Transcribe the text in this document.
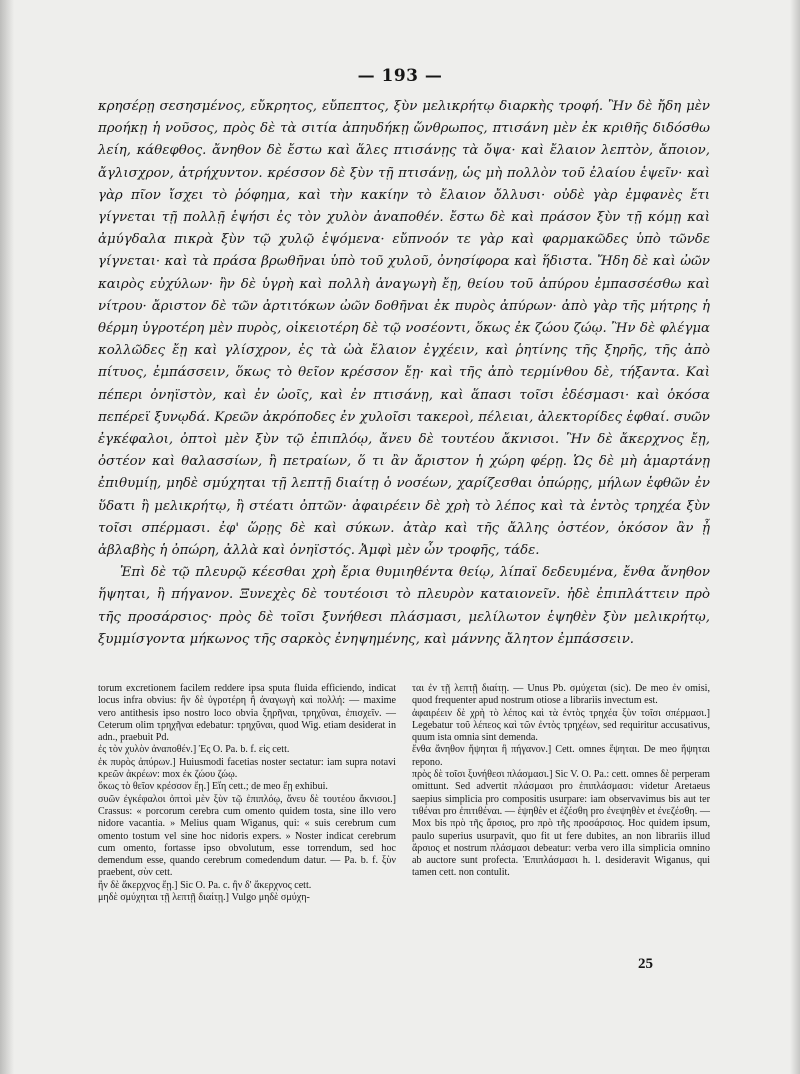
— 193 —

κρησέρῃ σεσησμένος, εὔκρητος, εὔπεπτος, ξὺν μελικρήτῳ διαρκὴς τροφή. Ἢν δὲ ἤδη μὲν προήκῃ ἡ νοῦσος, πρὸς δὲ τὰ σιτία ἀπηυδήκῃ ὥνθρωπος, πτισάνη μὲν ἐκ κριθῆς διδόσθω λείη, κάθεφθος. ἄνηθον δὲ ἔστω καὶ ἅλες πτισάνῃς τὰ ὄψα· καὶ ἔλαιον λεπτὸν, ἄποιον, ἄγλισχρον, ἀτρήχυντον. κρέσσον δὲ ξὺν τῇ πτισάνῃ, ὡς μὴ πολλὸν τοῦ ἐλαίου ἑψεῖν· καὶ γὰρ πῖον ἴσχει τὸ ῥόφημα, καὶ τὴν κακίην τὸ ἔλαιον ὄλλυσι· οὐδὲ γὰρ ἐμφανὲς ἔτι γίγνεται τῇ πολλῇ ἑψήσι ἐς τὸν χυλὸν ἀναποθέν. ἔστω δὲ καὶ πράσον ξὺν τῇ κόμῃ καὶ ἀμύγδαλα πικρὰ ξὺν τῷ χυλῷ ἑψόμενα· εὔπνοόν τε γὰρ καὶ φαρμακῶδες ὑπὸ τῶνδε γίγνεται· καὶ τὰ πράσα βρωθῆναι ὑπὸ τοῦ χυλοῦ, ὀνησίφορα καὶ ἥδιστα. Ἤδη δὲ καὶ ὠῶν καιρὸς εὐχύλων· ἢν δὲ ὑγρὴ καὶ πολλὴ ἀναγωγὴ ἔῃ, θείου τοῦ ἀπύρου ἐμπασσέσθω καὶ νίτρου· ἄριστον δὲ τῶν ἀρτιτόκων ὠῶν δοθῆναι ἐκ πυρὸς ἀπύρων· ἀπὸ γὰρ τῆς μήτρης ἡ θέρμη ὑγροτέρη μὲν πυρὸς, οἰκειοτέρη δὲ τῷ νοσέοντι, ὅκως ἐκ ζώου ζώῳ. Ἢν δὲ φλέγμα κολλῶδες ἔῃ καὶ γλίσχρον, ἐς τὰ ὠὰ ἔλαιον ἐγχέειν, καὶ ῥητίνης τῆς ξηρῆς, τῆς ἀπὸ πίτυος, ἐμπάσσειν, ὅκως τὸ θεῖον κρέσσον ἔῃ· καὶ τῆς ἀπὸ τερμίνθου δὲ, τήξαντα. Καὶ πέπερι ὀνηϊστὸν, καὶ ἐν ὠοῖς, καὶ ἐν πτισάνῃ, καὶ ἅπασι τοῖσι ἐδέσμασι· καὶ ὁκόσα πεπέρεϊ ξυνῳδά. Κρεῶν ἀκρόποδες ἐν χυλοῖσι τακεροὶ, πέλειαι, ἀλεκτορίδες ἑφθαί. συῶν ἐγκέφαλοι, ὀπτοὶ μὲν ξὺν τῷ ἐπιπλόῳ, ἄνευ δὲ τουτέου ἄκνισοι. Ἢν δὲ ἄκερχνος ἔῃ, ὀστέον καὶ θαλασσίων, ἢ πετραίων, ὅ τι ἂν ἄριστον ἡ χώρη φέρῃ. Ὡς δὲ μὴ ἁμαρτάνῃ ἐπιθυμίῃ, μηδὲ σμύχηται τῇ λεπτῇ διαίτῃ ὁ νοσέων, χαρίζεσθαι ὀπώρῃς, μήλων ἑφθῶν ἐν ὕδατι ἢ μελικρήτῳ, ἢ στέατι ὀπτῶν· ἀφαιρέειν δὲ χρὴ τὸ λέπος καὶ τὰ ἐντὸς τρηχέα ξὺν τοῖσι σπέρμασι. ἐφ' ὥρῃς δὲ καὶ σύκων. ἀτὰρ καὶ τῆς ἄλλης ὀστέον, ὁκόσον ἂν ᾖ ἀβλαβὴς ἡ ὀπώρη, ἀλλὰ καὶ ὀνηϊστός. Ἀμφὶ μὲν ὦν τροφῆς, τάδε.

Ἐπὶ δὲ τῷ πλευρῷ κέεσθαι χρὴ ἔρια θυμιηθέντα θείῳ, λίπαϊ δεδευμένα, ἔνθα ἄνηθον ἥψηται, ἢ πήγανον. Ξυνεχὲς δὲ τουτέοισι τὸ πλευρὸν καταιονεῖν. ἠδὲ ἐπιπλάττειν πρὸ τῆς προσάρσιος· πρὸς δὲ τοῖσι ξυνήθεσι πλάσμασι, μελίλωτον ἑψηθὲν ξὺν μελικρήτῳ, ξυμμίσγοντα μήκωνος τῆς σαρκὸς ἐνηψημένης, καὶ μάννης ἄλητον ἐμπάσσειν.

torum excretionem facilem reddere ipsa sputa fluida efficiendo, indicat locus infra obvius: ἢν δὲ ὑγροτέρη ἢ ἀναγωγὴ καὶ πολλή: — maxime vero antithesis ipso nostro loco obvia ξηρῆναι, τρηχῦναι, ἐπισχεῖν. — Ceterum olim τρηχῆναι edebatur: τρηχῦναι, quod Wig. etiam desiderat in adn., praebuit Pd.

ἐς τὸν χυλὸν ἀναποθέν.] Ἐς O. Pa. b. f. εἰς cett.

ἐκ πυρὸς ἀπύρων.] Huiusmodi facetias noster sectatur: iam supra notavi κρεῶν ἀκρέων: mox ἐκ ζώου ζώῳ.

ὅκως τὸ θεῖον κρέσσον ἔῃ.] Εἴη cett.; de meo ἔῃ exhibui.

συῶν ἐγκέφαλοι ὀπτοὶ μὲν ξὺν τῷ ἐπιπλόῳ, ἄνευ δὲ τουτέου ἄκνισοι.] Crassus: « porcorum cerebra cum omento quidem tosta, sine illo vero nidore vacantia. » Melius quam Wiganus, qui: « suis cerebrum cum omento tostum vel sine hoc nidoris expers. » Noster indicat cerebrum cum omento, fortasse ipso obvolutum, esse torrendum, sed hoc demendum esse, quando cerebrum comedendum datur. — Pa. b. f. ξὺν praebent, σὺν cett.

ἢν δὲ ἄκερχνος ἔῃ.] Sic O. Pa. c. ἢν δ' ἄκερχνος cett.

μηδὲ σμύχηται τῇ λεπτῇ διαίτῃ.] Vulgo μηδὲ σμύχη-

ται ἐν τῇ λεπτῇ διαίτῃ. — Unus Pb. σμύχεται (sic). De meo ἐν omisi, quod frequenter apud nostrum otiose a librariis invectum est.

ἀφαιρέειν δὲ χρὴ τὸ λέπος καὶ τὰ ἐντὸς τρηχέα ξὺν τοῖσι σπέρμασι.] Legebatur τοῦ λέπεος καὶ τῶν ἐντὸς τρηχέων, sed requiritur accusativus, quum ista omnia sint demenda.

ἔνθα ἄνηθον ἥψηται ἢ πήγανον.] Cett. omnes ἕψηται. De meo ἥψηται repono.

πρὸς δὲ τοῖσι ξυνήθεσι πλάσμασι.] Sic V. O. Pa.: cett. omnes δὲ perperam omittunt. Sed advertit πλάσμασι pro ἐπιπλάσμασι: videtur Aretaeus saepius simplicia pro compositis usurpare: iam observavimus bis aut ter τιθέναι pro ἐπιτιθέναι. — ἑψηθὲν et ἑζέσθη pro ἐνεψηθὲν et ἐνεζέσθη. — Mox bis πρὸ τῆς ἄρσιος, pro πρὸ τῆς προσάρσιος. Hoc quidem ipsum, paulo superius usurpavit, quo fit ut fere dubites, an non librariis illud ἄρσιος et nostrum πλάσμασι debeatur: verba vero illa simplicia omnino ab auctore sunt profecta. Ἐπιπλάσμασι h. l. desideravit Wiganus, qui tamen cett. non contulit.

25
